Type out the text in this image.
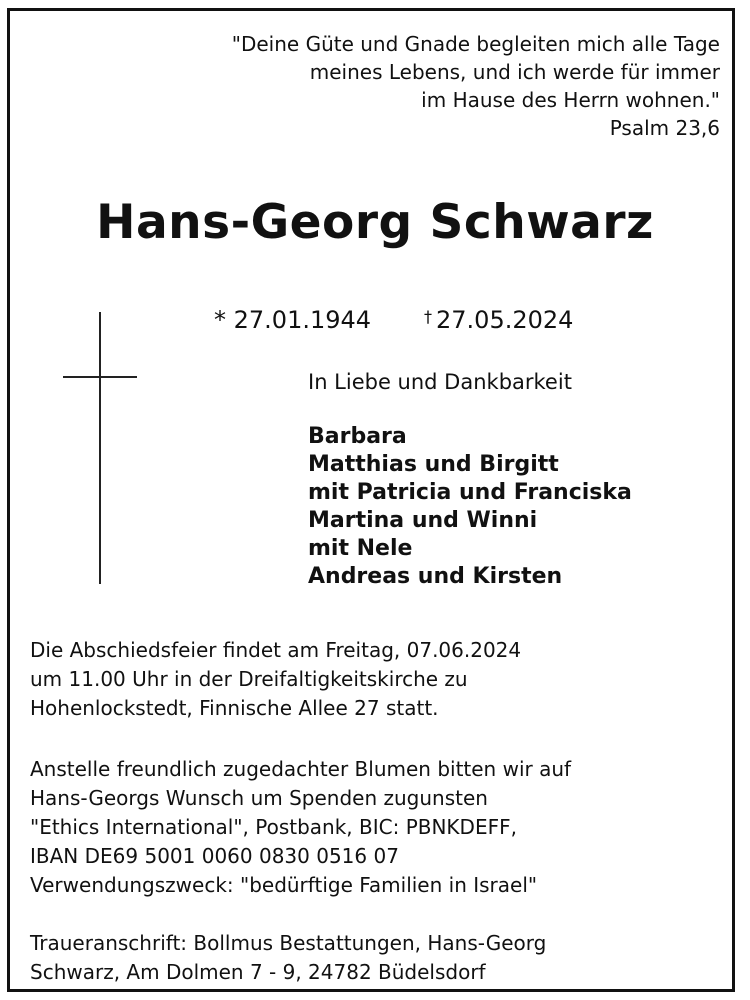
"Deine Güte und Gnade begleiten mich alle Tage
meines Lebens, und ich werde für immer
im Hause des Herrn wohnen."
Psalm 23,6
Hans-Georg Schwarz
* 27.01.1944	† 27.05.2024
In Liebe und Dankbarkeit
Barbara
Matthias und Birgitt
mit Patricia und Franciska
Martina und Winni
mit Nele
Andreas und Kirsten
Die Abschiedsfeier findet am Freitag, 07.06.2024
um 11.00 Uhr in der Dreifaltigkeitskirche zu
Hohenlockstedt, Finnische Allee 27 statt.
Anstelle freundlich zugedachter Blumen bitten wir auf
Hans-Georgs Wunsch um Spenden zugunsten
"Ethics International", Postbank, BIC: PBNKDEFF,
IBAN DE69 5001 0060 0830 0516 07
Verwendungszweck: "bedürftige Familien in Israel"
Traueranschrift: Bollmus Bestattungen, Hans-Georg
Schwarz, Am Dolmen 7 - 9, 24782 Büdelsdorf
